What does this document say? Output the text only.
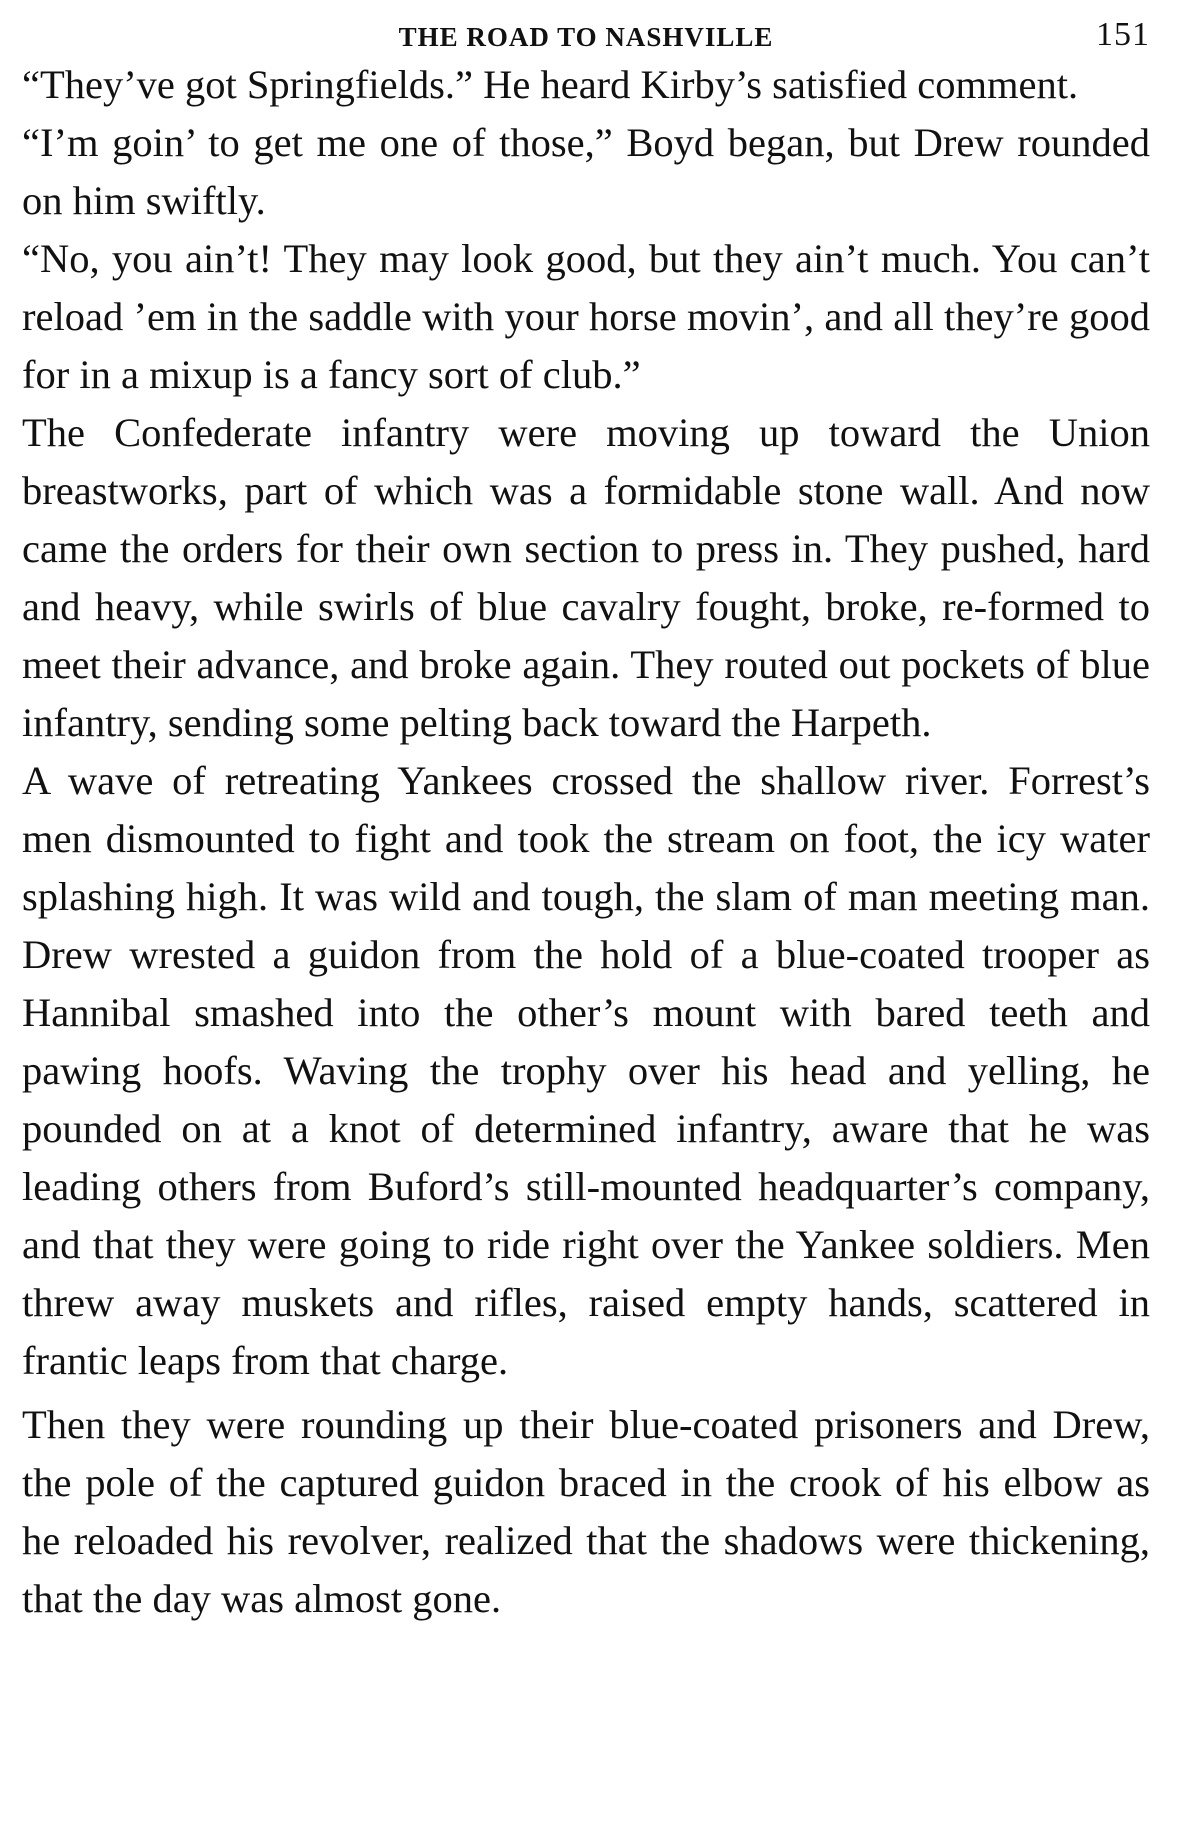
THE ROAD TO NASHVILLE	151

“They’ve got Springfields.” He heard Kirby’s satisfied comment.

“I’m goin’ to get me one of those,” Boyd began, but Drew rounded on him swiftly.

“No, you ain’t! They may look good, but they ain’t much. You can’t reload ’em in the saddle with your horse movin’, and all they’re good for in a mixup is a fancy sort of club.”

The Confederate infantry were moving up toward the Union breastworks, part of which was a formidable stone wall. And now came the orders for their own section to press in. They pushed, hard and heavy, while swirls of blue cavalry fought, broke, re-formed to meet their advance, and broke again. They routed out pockets of blue infantry, sending some pelting back toward the Harpeth.

A wave of retreating Yankees crossed the shallow river. Forrest’s men dismounted to fight and took the stream on foot, the icy water splashing high. It was wild and tough, the slam of man meeting man. Drew wrested a guidon from the hold of a blue-coated trooper as Hannibal smashed into the other’s mount with bared teeth and pawing hoofs. Waving the trophy over his head and yelling, he pounded on at a knot of determined infantry, aware that he was leading others from Buford’s still-mounted headquarter’s company, and that they were going to ride right over the Yankee soldiers. Men threw away muskets and rifles, raised empty hands, scattered in frantic leaps from that charge.

Then they were rounding up their blue-coated prisoners and Drew, the pole of the captured guidon braced in the crook of his elbow as he reloaded his revolver, realized that the shadows were thickening, that the day was almost gone.
